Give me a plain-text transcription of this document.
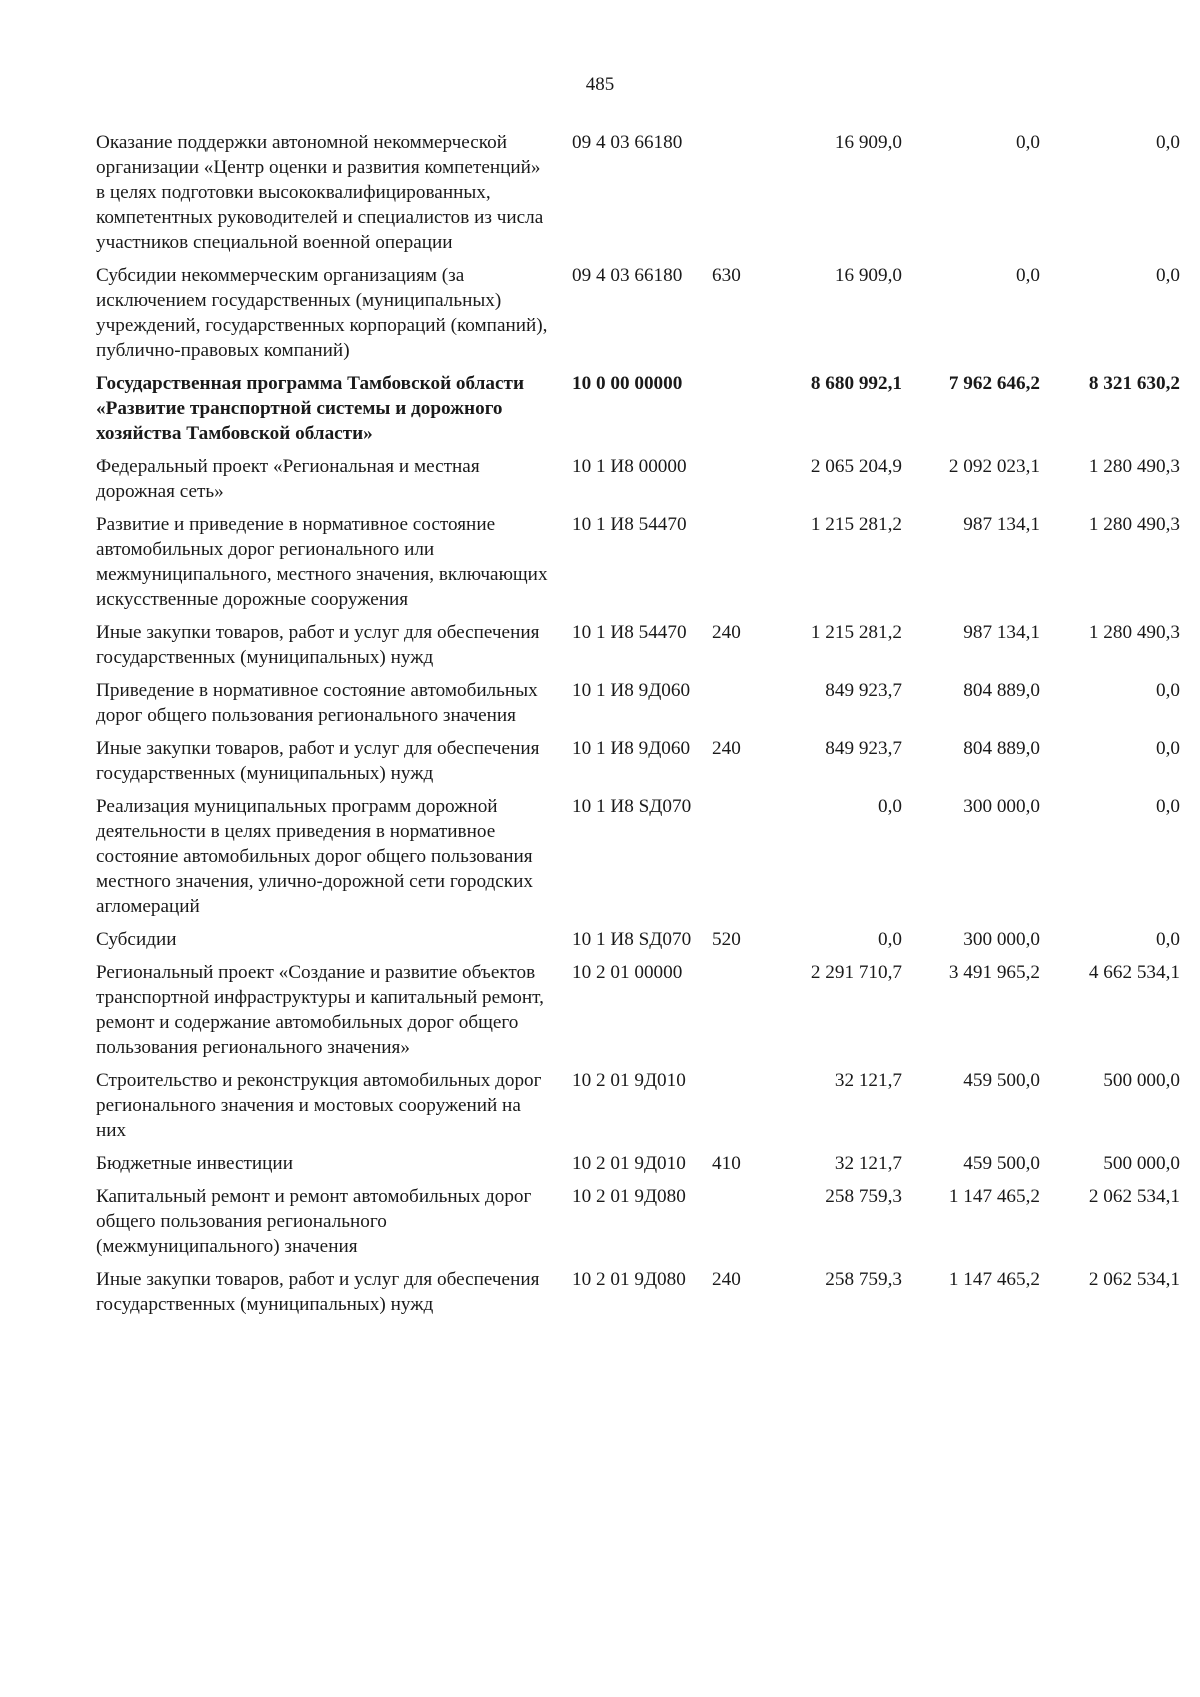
485
Оказание поддержки автономной некоммерческой организации «Центр оценки и развития компетенций» в целях подготовки высококвалифицированных, компетентных руководителей и специалистов из числа участников специальной военной операции	09 4 03 66180		16 909,0	0,0	0,0
Субсидии некоммерческим организациям (за исключением государственных (муниципальных) учреждений, государственных корпораций (компаний), публично-правовых компаний)	09 4 03 66180	630	16 909,0	0,0	0,0
Государственная программа Тамбовской области «Развитие транспортной системы и дорожного хозяйства Тамбовской области»	10 0 00 00000		8 680 992,1	7 962 646,2	8 321 630,2
Федеральный проект «Региональная и местная дорожная сеть»	10 1 И8 00000		2 065 204,9	2 092 023,1	1 280 490,3
Развитие и приведение в нормативное состояние автомобильных дорог регионального или межмуниципального, местного значения, включающих искусственные дорожные сооружения	10 1 И8 54470		1 215 281,2	987 134,1	1 280 490,3
Иные закупки товаров, работ и услуг для обеспечения государственных (муниципальных) нужд	10 1 И8 54470	240	1 215 281,2	987 134,1	1 280 490,3
Приведение в нормативное состояние автомобильных дорог общего пользования регионального значения	10 1 И8 9Д060		849 923,7	804 889,0	0,0
Иные закупки товаров, работ и услуг для обеспечения государственных (муниципальных) нужд	10 1 И8 9Д060	240	849 923,7	804 889,0	0,0
Реализация муниципальных программ дорожной деятельности в целях приведения в нормативное состояние автомобильных дорог общего пользования местного значения, улично-дорожной сети городских агломераций	10 1 И8 SД070		0,0	300 000,0	0,0
Субсидии	10 1 И8 SД070	520	0,0	300 000,0	0,0
Региональный проект «Создание и развитие объектов транспортной инфраструктуры и капитальный ремонт, ремонт и содержание автомобильных дорог общего пользования регионального значения»	10 2 01 00000		2 291 710,7	3 491 965,2	4 662 534,1
Строительство и реконструкция автомобильных дорог регионального значения и мостовых сооружений на них	10 2 01 9Д010		32 121,7	459 500,0	500 000,0
Бюджетные инвестиции	10 2 01 9Д010	410	32 121,7	459 500,0	500 000,0
Капитальный ремонт и ремонт автомобильных дорог общего пользования регионального (межмуниципального) значения	10 2 01 9Д080		258 759,3	1 147 465,2	2 062 534,1
Иные закупки товаров, работ и услуг для обеспечения государственных (муниципальных) нужд	10 2 01 9Д080	240	258 759,3	1 147 465,2	2 062 534,1
